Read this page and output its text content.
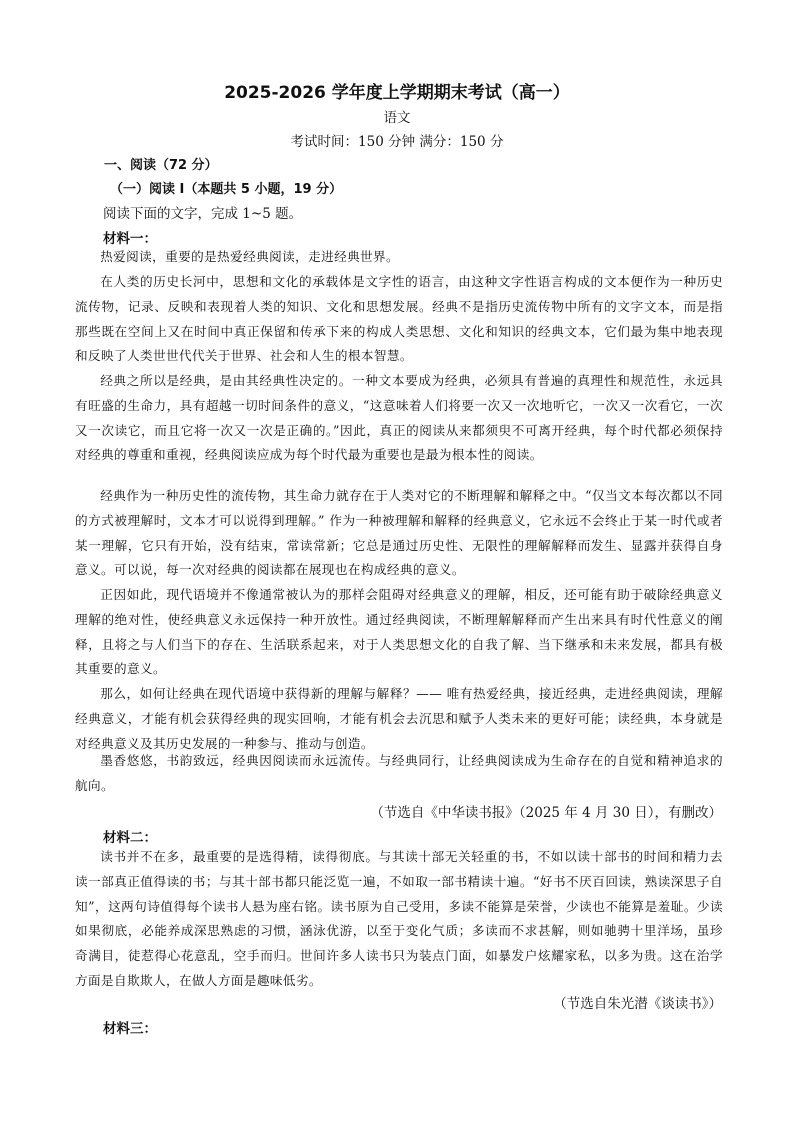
2025-2026 学年度上学期期末考试（高一）
语文
考试时间：150 分钟 满分：150 分
一、阅读（72 分）
（一）阅读 I（本题共 5 小题，19 分）
阅读下面的文字，完成 1~5 题。
材料一：

热爱阅读，重要的是热爱经典阅读，走进经典世界。

在人类的历史长河中，思想和文化的承载体是文字性的语言，由这种文字性语言构成的文本便作为一种历史流传物，记录、反映和表现着人类的知识、文化和思想发展。经典不是指历史流传物中所有的文字文本，而是指那些既在空间上又在时间中真正保留和传承下来的构成人类思想、文化和知识的经典文本，它们最为集中地表现和反映了人类世世代代关于世界、社会和人生的根本智慧。

经典之所以是经典，是由其经典性决定的。一种文本要成为经典，必须具有普遍的真理性和规范性，永远具有旺盛的生命力，具有超越一切时间条件的意义，“这意味着人们将要一次又一次地听它，一次又一次看它，一次又一次读它，而且它将一次又一次是正确的。”因此，真正的阅读从来都须臾不可离开经典，每个时代都必须保持对经典的尊重和重视，经典阅读应成为每个时代最为重要也是最为根本性的阅读。

经典作为一种历史性的流传物，其生命力就存在于人类对它的不断理解和解释之中。“仅当文本每次都以不同的方式被理解时，文本才可以说得到理解。” 作为一种被理解和解释的经典意义，它永远不会终止于某一时代或者某一理解，它只有开始，没有结束，常读常新；它总是通过历史性、无限性的理解解释而发生、显露并获得自身意义。可以说，每一次对经典的阅读都在展现也在构成经典的意义。

正因如此，现代语境并不像通常被认为的那样会阻碍对经典意义的理解，相反，还可能有助于破除经典意义理解的绝对性，使经典意义永远保持一种开放性。通过经典阅读，不断理解解释而产生出来具有时代性意义的阐释，且将之与人们当下的存在、生活联系起来，对于人类思想文化的自我了解、当下继承和未来发展，都具有极其重要的意义。

那么，如何让经典在现代语境中获得新的理解与解释？—— 唯有热爱经典，接近经典，走进经典阅读，理解经典意义，才能有机会获得经典的现实回响，才能有机会去沉思和赋予人类未来的更好可能；读经典，本身就是对经典意义及其历史发展的一种参与、推动与创造。

墨香悠悠，书韵致远，经典因阅读而永远流传。与经典同行，让经典阅读成为生命存在的自觉和精神追求的航向。

（节选自《中华读书报》（2025 年 4 月 30 日），有删改）
材料二：

读书并不在多，最重要的是选得精，读得彻底。与其读十部无关轻重的书，不如以读十部书的时间和精力去读一部真正值得读的书；与其十部书都只能泛览一遍，不如取一部书精读十遍。“好书不厌百回读，熟读深思子自知”，这两句诗值得每个读书人悬为座右铭。读书原为自己受用，多读不能算是荣誉，少读也不能算是羞耻。少读如果彻底，必能养成深思熟虑的习惯，涵泳优游，以至于变化气质；多读而不求甚解，则如驰骋十里洋场，虽珍奇满目，徒惹得心花意乱，空手而归。世间许多人读书只为装点门面，如暴发户炫耀家私，以多为贵。这在治学方面是自欺欺人，在做人方面是趣味低劣。

（节选自朱光潜《谈读书》）
材料三：
